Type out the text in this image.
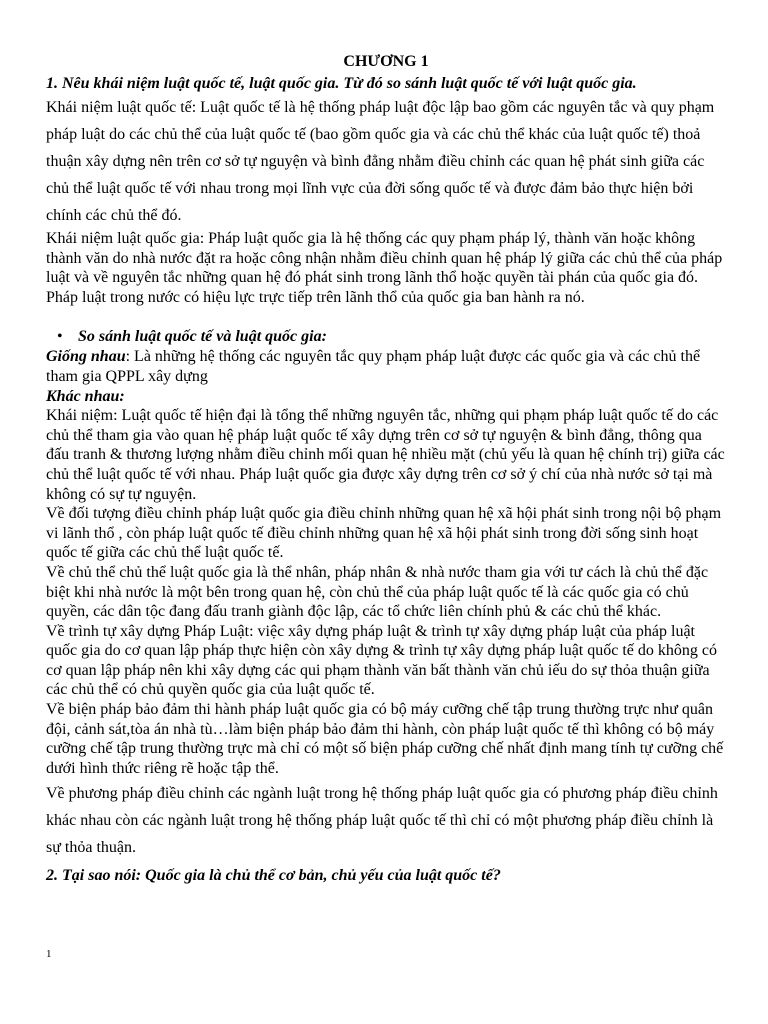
CHƯƠNG 1

1. Nêu khái niệm luật quốc tế, luật quốc gia. Từ đó so sánh luật quốc tế với luật quốc gia.

Khái niệm luật quốc tế: Luật quốc tế là hệ thống pháp luật độc lập bao gồm các nguyên tắc và quy phạm pháp luật do các chủ thể của luật quốc tế (bao gồm quốc gia và các chủ thể khác của luật quốc tế) thoả thuận xây dựng nên trên cơ sở tự nguyện và bình đẳng nhằm điều chỉnh các quan hệ phát sinh giữa các chủ thể luật quốc tế với nhau trong mọi lĩnh vực của đời sống quốc tế và được đảm bảo thực hiện bởi chính các chủ thể đó.

Khái niệm luật quốc gia: Pháp luật quốc gia là hệ thống các quy phạm pháp lý, thành văn hoặc không thành văn do nhà nước đặt ra hoặc công nhận nhằm điều chỉnh quan hệ pháp lý giữa các chủ thể của pháp luật và về nguyên tắc những quan hệ đó phát sinh trong lãnh thổ hoặc quyền tài phán của quốc gia đó. Pháp luật trong nước có hiệu lực trực tiếp trên lãnh thổ của quốc gia ban hành ra nó.

• So sánh luật quốc tế và luật quốc gia:

Giống nhau: Là những hệ thống các nguyên tắc quy phạm pháp luật được các quốc gia và các chủ thể tham gia QPPL xây dựng

Khác nhau:

Khái niệm: Luật quốc tế hiện đại là tổng thể những nguyên tắc, những qui phạm pháp luật quốc tế do các chủ thể tham gia vào quan hệ pháp luật quốc tế xây dựng trên cơ sở tự nguyện & bình đẳng, thông qua đấu tranh & thương lượng nhằm điều chỉnh mối quan hệ nhiều mặt (chủ yếu là quan hệ chính trị) giữa các chủ thể luật quốc tế với nhau. Pháp luật quốc gia được xây dựng trên cơ sở ý chí của nhà nước sở tại mà không có sự tự nguyện.

Về đối tượng điều chỉnh pháp luật quốc gia điều chỉnh những quan hệ xã hội phát sinh trong nội bộ phạm vi lãnh thổ , còn pháp luật quốc tế điều chỉnh những quan hệ xã hội phát sinh trong đời sống sinh hoạt quốc tế giữa các chủ thể luật quốc tế.

Về chủ thể chủ thể luật quốc gia là thể nhân, pháp nhân & nhà nước tham gia với tư cách là chủ thể đặc biệt khi nhà nước là một bên trong quan hệ, còn chủ thể của pháp luật quốc tế là các quốc gia có chủ quyền, các dân tộc đang đấu tranh giành độc lập, các tổ chức liên chính phủ & các chủ thể khác.

Về trình tự xây dựng Pháp Luật: việc xây dựng pháp luật & trình tự xây dựng pháp luật của pháp luật quốc gia do cơ quan lập pháp thực hiện còn xây dựng & trình tự xây dựng pháp luật quốc tế do không có cơ quan lập pháp nên khi xây dựng các qui phạm thành văn bất thành văn chủ iếu do sự thỏa thuận giữa các chủ thể có chủ quyền quốc gia của luật quốc tế.

Về biện pháp bảo đảm thi hành pháp luật quốc gia có bộ máy cưỡng chế tập trung thường trực như quân đội, cảnh sát,tòa án nhà tù…làm biện pháp bảo đảm thi hành, còn pháp luật quốc tế thì không có bộ máy cưỡng chế tập trung thường trực mà chỉ có một số biện pháp cưỡng chế nhất định mang tính tự cưỡng chế dưới hình thức riêng rẽ hoặc tập thể.

Về phương pháp điều chỉnh các ngành luật trong hệ thống pháp luật quốc gia có phương pháp điều chỉnh khác nhau còn các ngành luật trong hệ thống pháp luật quốc tế thì chỉ có một phương pháp điều chỉnh là sự thỏa thuận.

2. Tại sao nói: Quốc gia là chủ thể cơ bản, chủ yếu của luật quốc tế?

1
